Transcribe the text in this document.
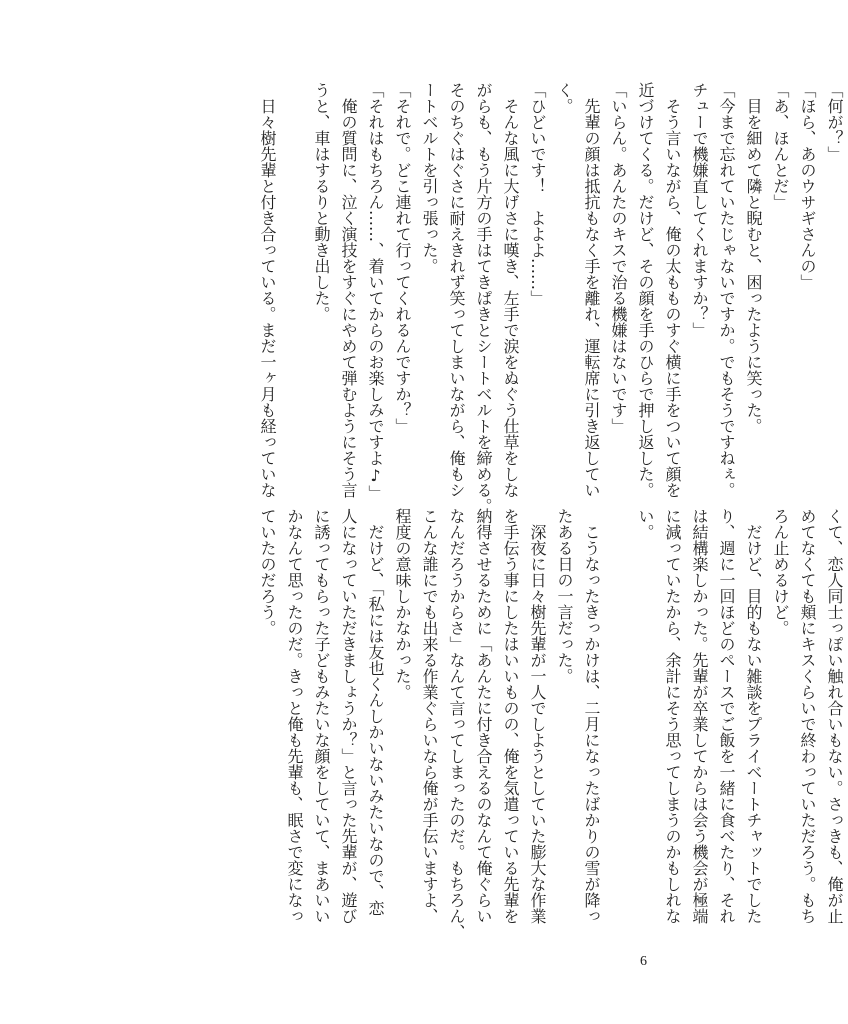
「何が？」
「ほら、あのウサギさんの」
「あ、ほんとだ」
　目を細めて隣と睨むと、困ったように笑った。
「今まで忘れていたじゃないですか。でもそうですねぇ。
チューで機嫌直してくれますか？」
　そう言いながら、俺の太もものすぐ横に手をついて顔を
近づけてくる。だけど、その顔を手のひらで押し返した。
「いらん。あんたのキスで治る機嫌はないです」
　先輩の顔は抵抗もなく手を離れ、運転席に引き返してい
く。
「ひどいです！　よよよ……」
　そんな風に大げさに嘆き、左手で涙をぬぐう仕草をしな
がらも、もう片方の手はてきぱきとシートベルトを締める。
そのちぐはぐさに耐えきれず笑ってしまいながら、俺もシ
ートベルトを引っ張った。
「それで。どこ連れて行ってくれるんですか？」
「それはもちろん……、着いてからのお楽しみですよ♪」
　俺の質問に、泣く演技をすぐにやめて弾むようにそう言
うと、車はするりと動き出した。

　日々樹先輩と付き合っている。まだ一ヶ月も経っていな
くて、恋人同士っぽい触れ合いもない。さっきも、俺が止
めてなくても頬にキスくらいで終わっていただろう。もち
ろん止めるけど。
　だけど、目的もない雑談をプライベートチャットでした
り、週に一回ほどのペースでご飯を一緒に食べたり、それ
は結構楽しかった。先輩が卒業してからは会う機会が極端
に減っていたから、余計にそう思ってしまうのかもしれな
い。

　こうなったきっかけは、二月になったばかりの雪が降っ
たある日の一言だった。
　深夜に日々樹先輩が一人でしようとしていた膨大な作業
を手伝う事にしたはいいものの、俺を気遣っている先輩を
納得させるために「あんたに付き合えるのなんて俺ぐらい
なんだろうからさ」なんて言ってしまったのだ。もちろん、
こんな誰にでも出来る作業ぐらいなら俺が手伝いますよ、
程度の意味しかなかった。
　だけど、「私には友也くんしかいないみたいなので、恋
人になっていただきましょうか？」と言った先輩が、遊び
に誘ってもらった子どもみたいな顔をしていて、まあいい
かなんて思ったのだ。きっと俺も先輩も、眠さで変になっ
ていたのだろう。
6
